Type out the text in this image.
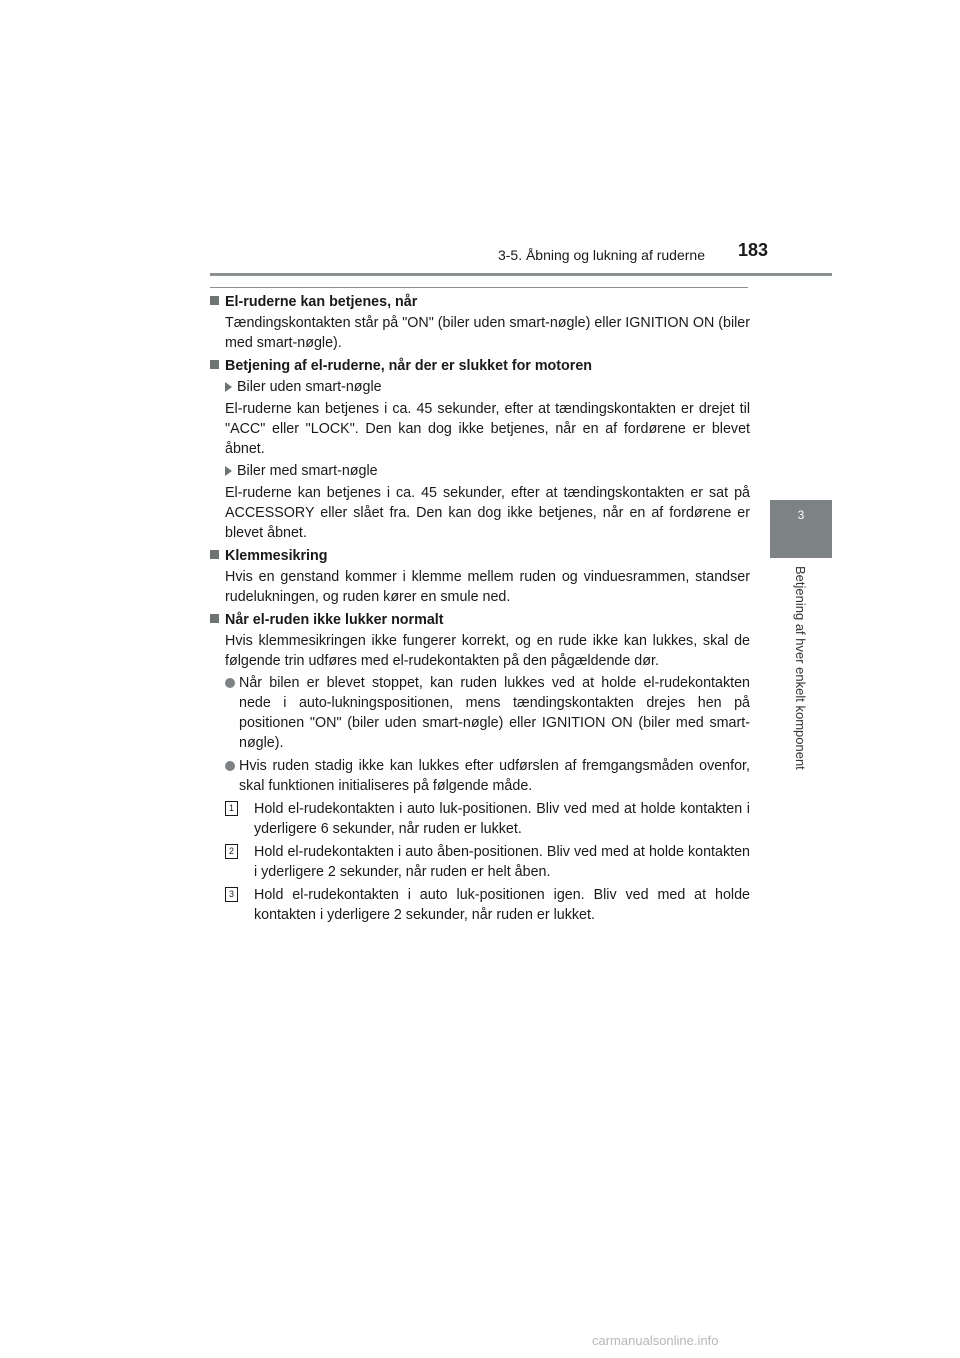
3-5. Åbning og lukning af ruderne 183
3
Betjening af hver enkelt komponent
El-ruderne kan betjenes, når
Tændingskontakten står på "ON" (biler uden smart-nøgle) eller IGNITION ON (biler med smart-nøgle).
Betjening af el-ruderne, når der er slukket for motoren
Biler uden smart-nøgle
El-ruderne kan betjenes i ca. 45 sekunder, efter at tændingskontakten er drejet til "ACC" eller "LOCK". Den kan dog ikke betjenes, når en af fordørene er blevet åbnet.
Biler med smart-nøgle
El-ruderne kan betjenes i ca. 45 sekunder, efter at tændingskontakten er sat på ACCESSORY eller slået fra. Den kan dog ikke betjenes, når en af fordørene er blevet åbnet.
Klemmesikring
Hvis en genstand kommer i klemme mellem ruden og vinduesrammen, standser rudelukningen, og ruden kører en smule ned.
Når el-ruden ikke lukker normalt
Hvis klemmesikringen ikke fungerer korrekt, og en rude ikke kan lukkes, skal de følgende trin udføres med el-rudekontakten på den pågældende dør.
Når bilen er blevet stoppet, kan ruden lukkes ved at holde el-rudekontakten nede i auto-lukningspositionen, mens tændingskontakten drejes hen på positionen "ON" (biler uden smart-nøgle) eller IGNITION ON (biler med smart-nøgle).
Hvis ruden stadig ikke kan lukkes efter udførslen af fremgangsmåden ovenfor, skal funktionen initialiseres på følgende måde.
1 Hold el-rudekontakten i auto luk-positionen. Bliv ved med at holde kontakten i yderligere 6 sekunder, når ruden er lukket.
2 Hold el-rudekontakten i auto åben-positionen. Bliv ved med at holde kontakten i yderligere 2 sekunder, når ruden er helt åben.
3 Hold el-rudekontakten i auto luk-positionen igen. Bliv ved med at holde kontakten i yderligere 2 sekunder, når ruden er lukket.
carmanualsonline.info
